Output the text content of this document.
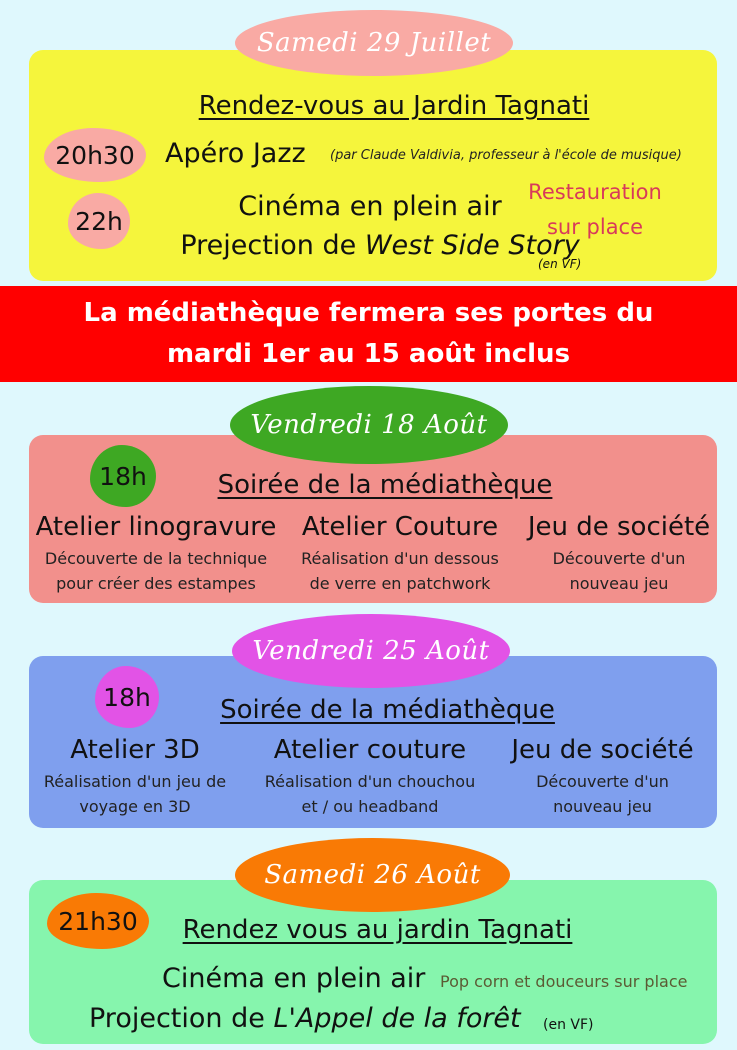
Samedi 29 Juillet
Rendez-vous au Jardin Tagnati
20h30 Apéro Jazz (par Claude Valdivia, professeur à l'école de musique)
22h	Cinéma en plein air
Prejection de West Side Story
(en VF)
Restauration
sur place
La médiathèque fermera ses portes du
mardi 1er au 15 août inclus
Vendredi 18 Août
18h	Soirée de la médiathèque
Atelier linogravure
Découverte de la technique
pour créer des estampes
Atelier Couture
Réalisation d'un dessous
de verre en patchwork
Jeu de société
Découverte d'un
nouveau jeu
Vendredi 25 Août
18h	Soirée de la médiathèque
Atelier 3D
Réalisation d'un jeu de
voyage en 3D
Atelier couture
Réalisation d'un chouchou
et / ou headband
Jeu de société
Découverte d'un
nouveau jeu
Samedi 26 Août
21h30	Rendez vous au jardin Tagnati
Cinéma en plein air Pop corn et douceurs sur place
Projection de L'Appel de la forêt (en VF)
